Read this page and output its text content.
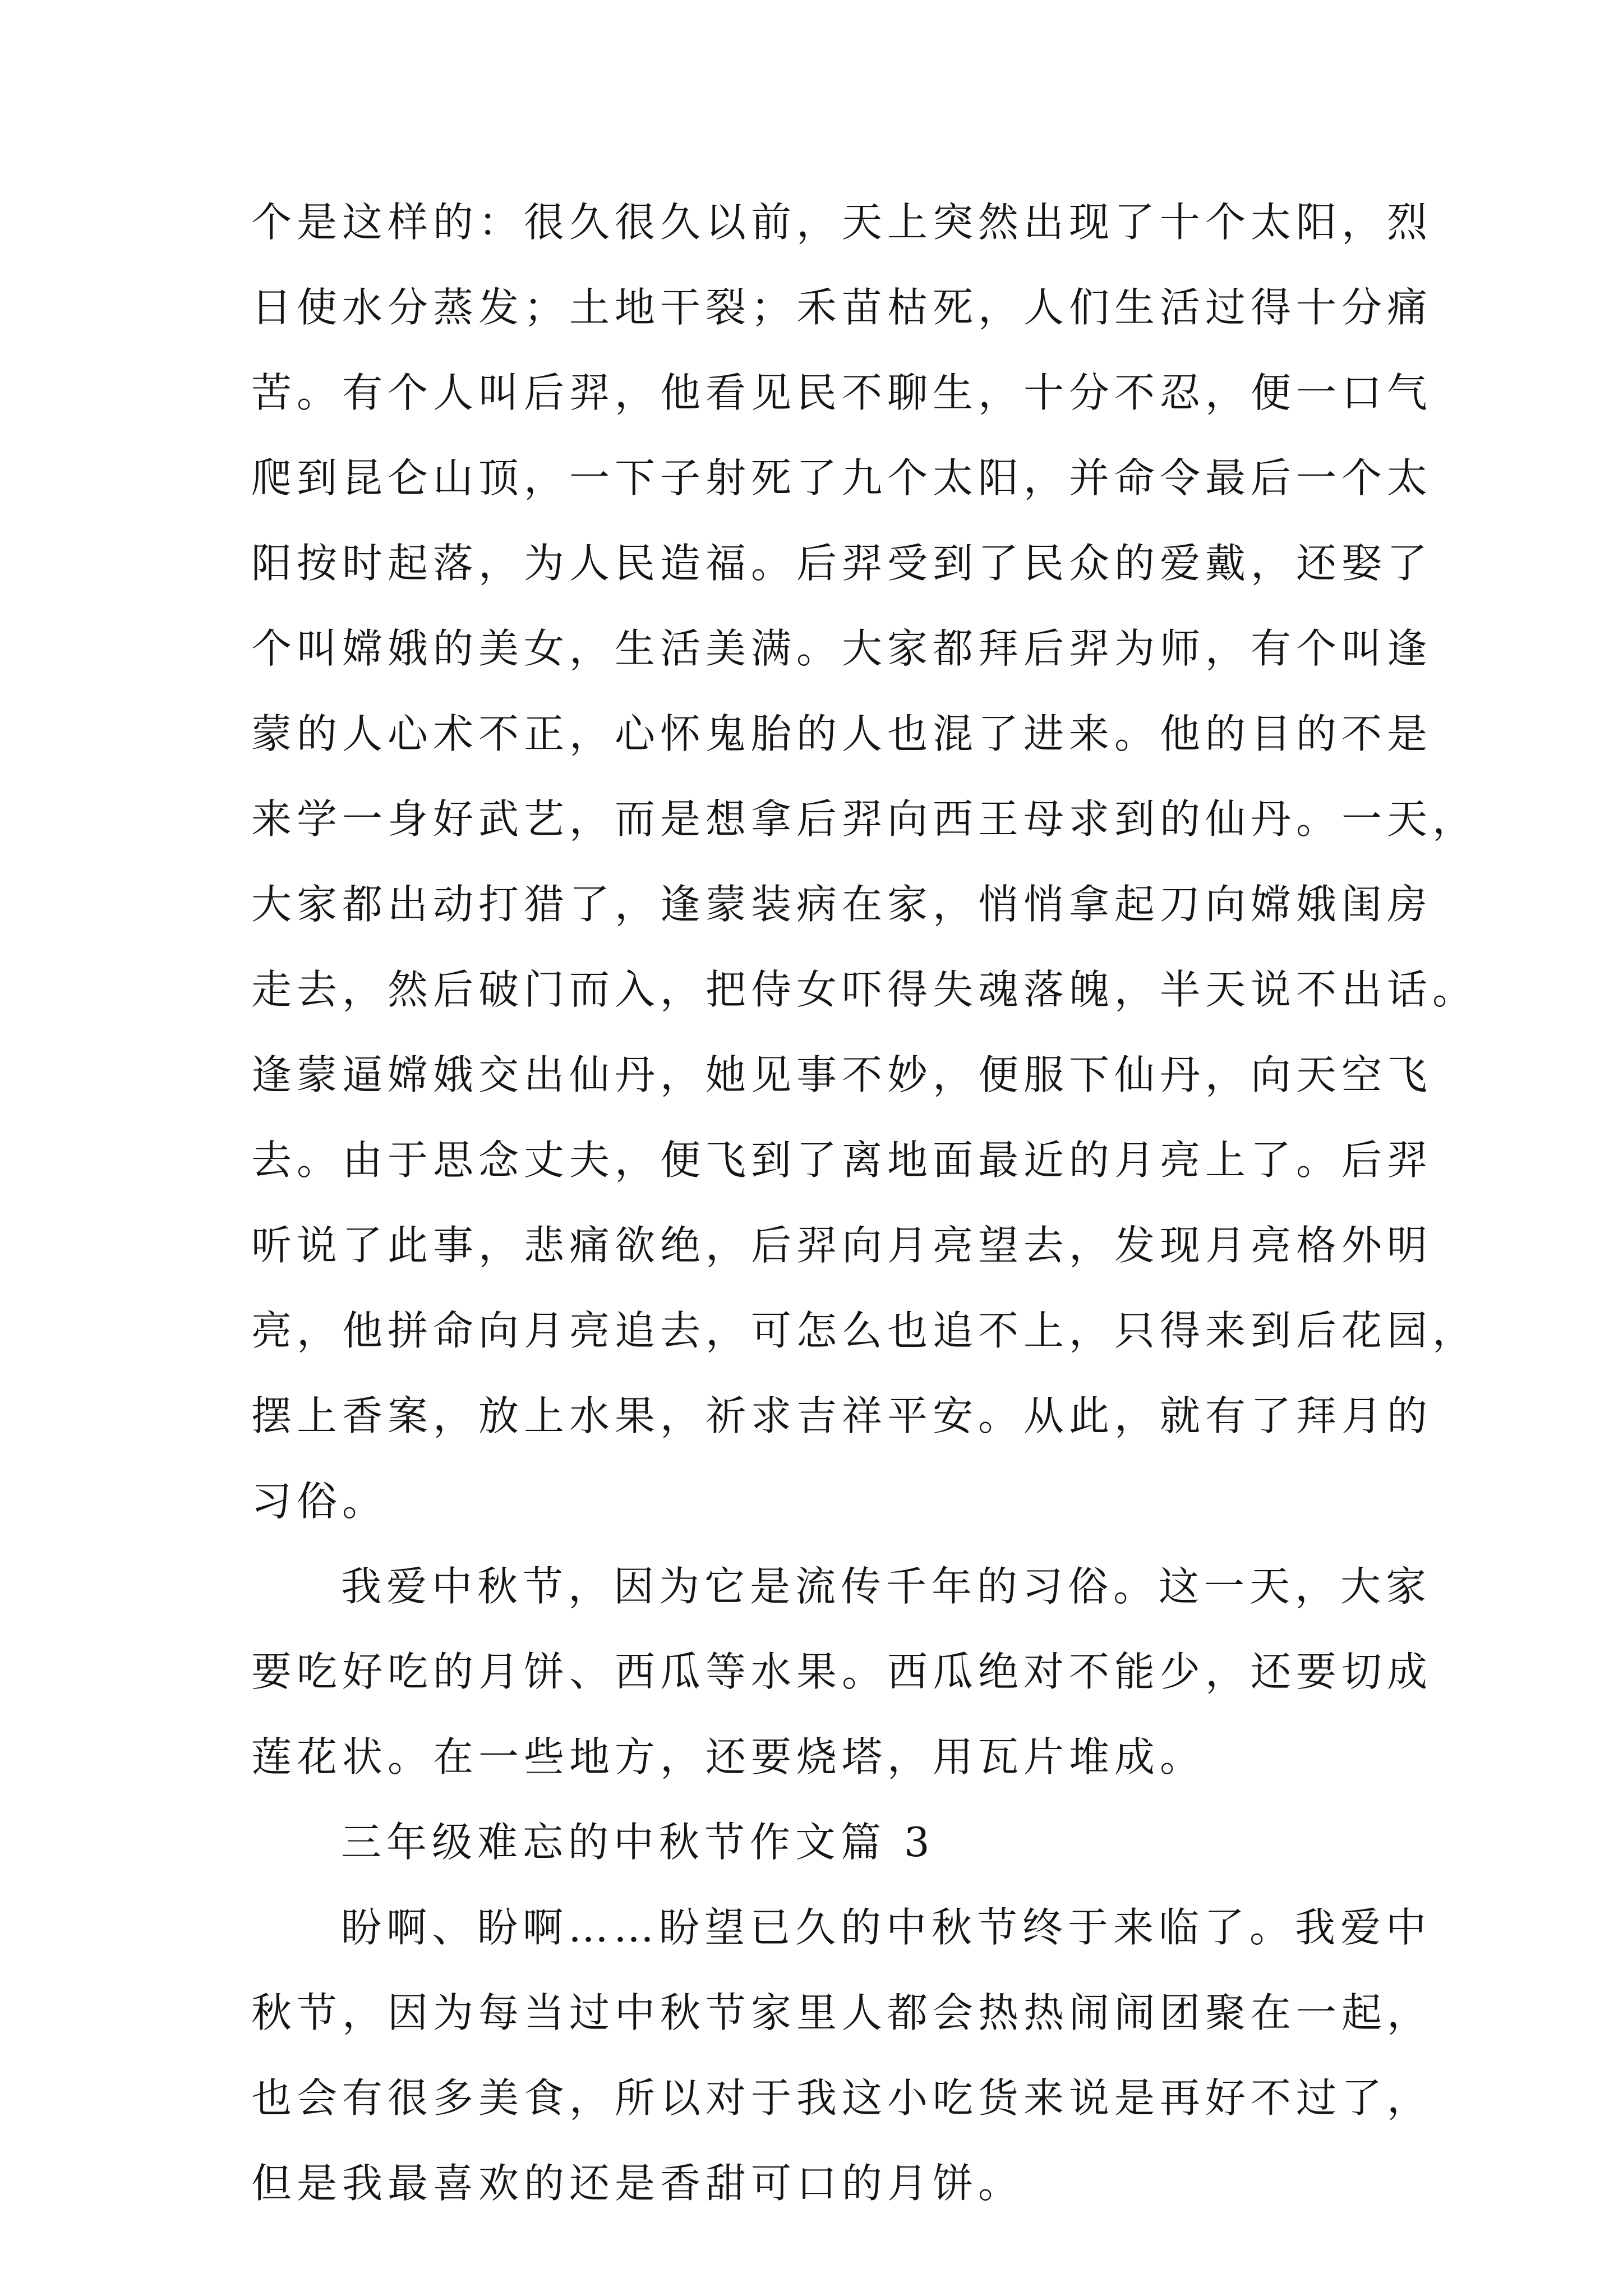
个是这样的：很久很久以前，天上突然出现了十个太阳，烈
日使水分蒸发；土地干裂；禾苗枯死，人们生活过得十分痛
苦。有个人叫后羿，他看见民不聊生，十分不忍，便一口气
爬到昆仑山顶，一下子射死了九个太阳，并命令最后一个太
阳按时起落，为人民造福。后羿受到了民众的爱戴，还娶了
个叫嫦娥的美女，生活美满。大家都拜后羿为师，有个叫逢
蒙的人心术不正，心怀鬼胎的人也混了进来。他的目的不是
来学一身好武艺，而是想拿后羿向西王母求到的仙丹。一天，
大家都出动打猎了，逢蒙装病在家，悄悄拿起刀向嫦娥闺房
走去，然后破门而入，把侍女吓得失魂落魄，半天说不出话。
逢蒙逼嫦娥交出仙丹，她见事不妙，便服下仙丹，向天空飞
去。由于思念丈夫，便飞到了离地面最近的月亮上了。后羿
听说了此事，悲痛欲绝，后羿向月亮望去，发现月亮格外明
亮，他拼命向月亮追去，可怎么也追不上，只得来到后花园，
摆上香案，放上水果，祈求吉祥平安。从此，就有了拜月的
习俗。
我爱中秋节，因为它是流传千年的习俗。这一天，大家
要吃好吃的月饼、西瓜等水果。西瓜绝对不能少，还要切成
莲花状。在一些地方，还要烧塔，用瓦片堆成。
三年级难忘的中秋节作文篇 3
盼啊、盼啊……盼望已久的中秋节终于来临了。我爱中
秋节，因为每当过中秋节家里人都会热热闹闹团聚在一起，
也会有很多美食，所以对于我这小吃货来说是再好不过了，
但是我最喜欢的还是香甜可口的月饼。
